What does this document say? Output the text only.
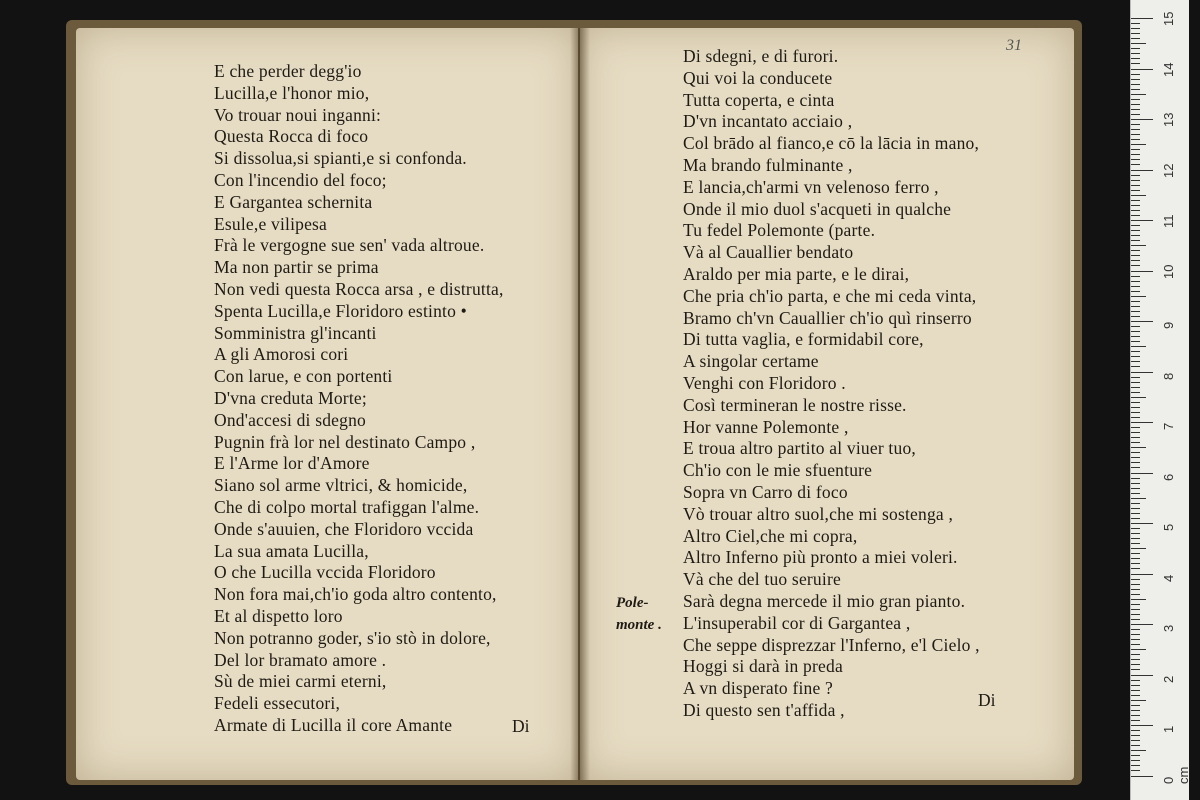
E che perder degg'io
Lucilla,e l'honor mio,
Vo trouar noui inganni:
Questa Rocca di foco
Si dissolua,si spianti,e si confonda.
Con l'incendio del foco;
E Gargantea schernita
Esule,e vilipesa
Frà le vergogne sue sen' vada altroue.
Ma non partir se prima
Non vedi questa Rocca arsa , e distrutta,
Spenta Lucilla,e Floridoro estinto •
Somministra gl'incanti
A gli Amorosi cori
Con larue, e con portenti
D'vna creduta Morte;
Ond'accesi di sdegno
Pugnin frà lor nel destinato Campo ,
E l'Arme lor d'Amore
Siano sol arme vltrici, & homicide,
Che di colpo mortal trafiggan l'alme.
Onde s'auuien, che Floridoro vccida
La sua amata Lucilla,
O che Lucilla vccida Floridoro
Non fora mai,ch'io goda altro contento,
Et al dispetto loro
Non potranno goder, s'io stò in dolore,
Del lor bramato amore .
Sù de miei carmi eterni,
Fedeli essecutori,
Armate di Lucilla il core Amante	Di
31
Di sdegni, e di furori.
Qui voi la conducete
Tutta coperta, e cinta
D'vn incantato acciaio ,
Col brādo al fianco,e cō la lācia in mano,
Ma brando fulminante ,
E lancia,ch'armi vn velenoso ferro ,
Onde il mio duol s'acqueti in qualche
Tu fedel Polemonte (parte.
Và al Cauallier bendato
Araldo per mia parte, e le dirai,
Che pria ch'io parta, e che mi ceda vinta,
Bramo ch'vn Cauallier ch'io quì rinserro
Di tutta vaglia, e formidabil core,
A singolar certame
Venghi con Floridoro .
Così termineran le nostre risse.
Hor vanne Polemonte ,
E troua altro partito al viuer tuo,
Ch'io con le mie sfuenture
Sopra vn Carro di foco
Vò trouar altro suol,che mi sostenga ,
Altro Ciel,che mi copra,
Altro Inferno più pronto a miei voleri.
Và che del tuo seruire
Sarà degna mercede il mio gran pianto.
L'insuperabil cor di Gargantea ,
Che seppe disprezzar l'Inferno, e'l Cielo ,
Hoggi si darà in preda
A vn disperato fine ?
Di questo sen t'affida ,
Pole-
monte .
Di
15
14
13
12
11
10
9
8
7
6
5
4
3
2
1
0 cm
